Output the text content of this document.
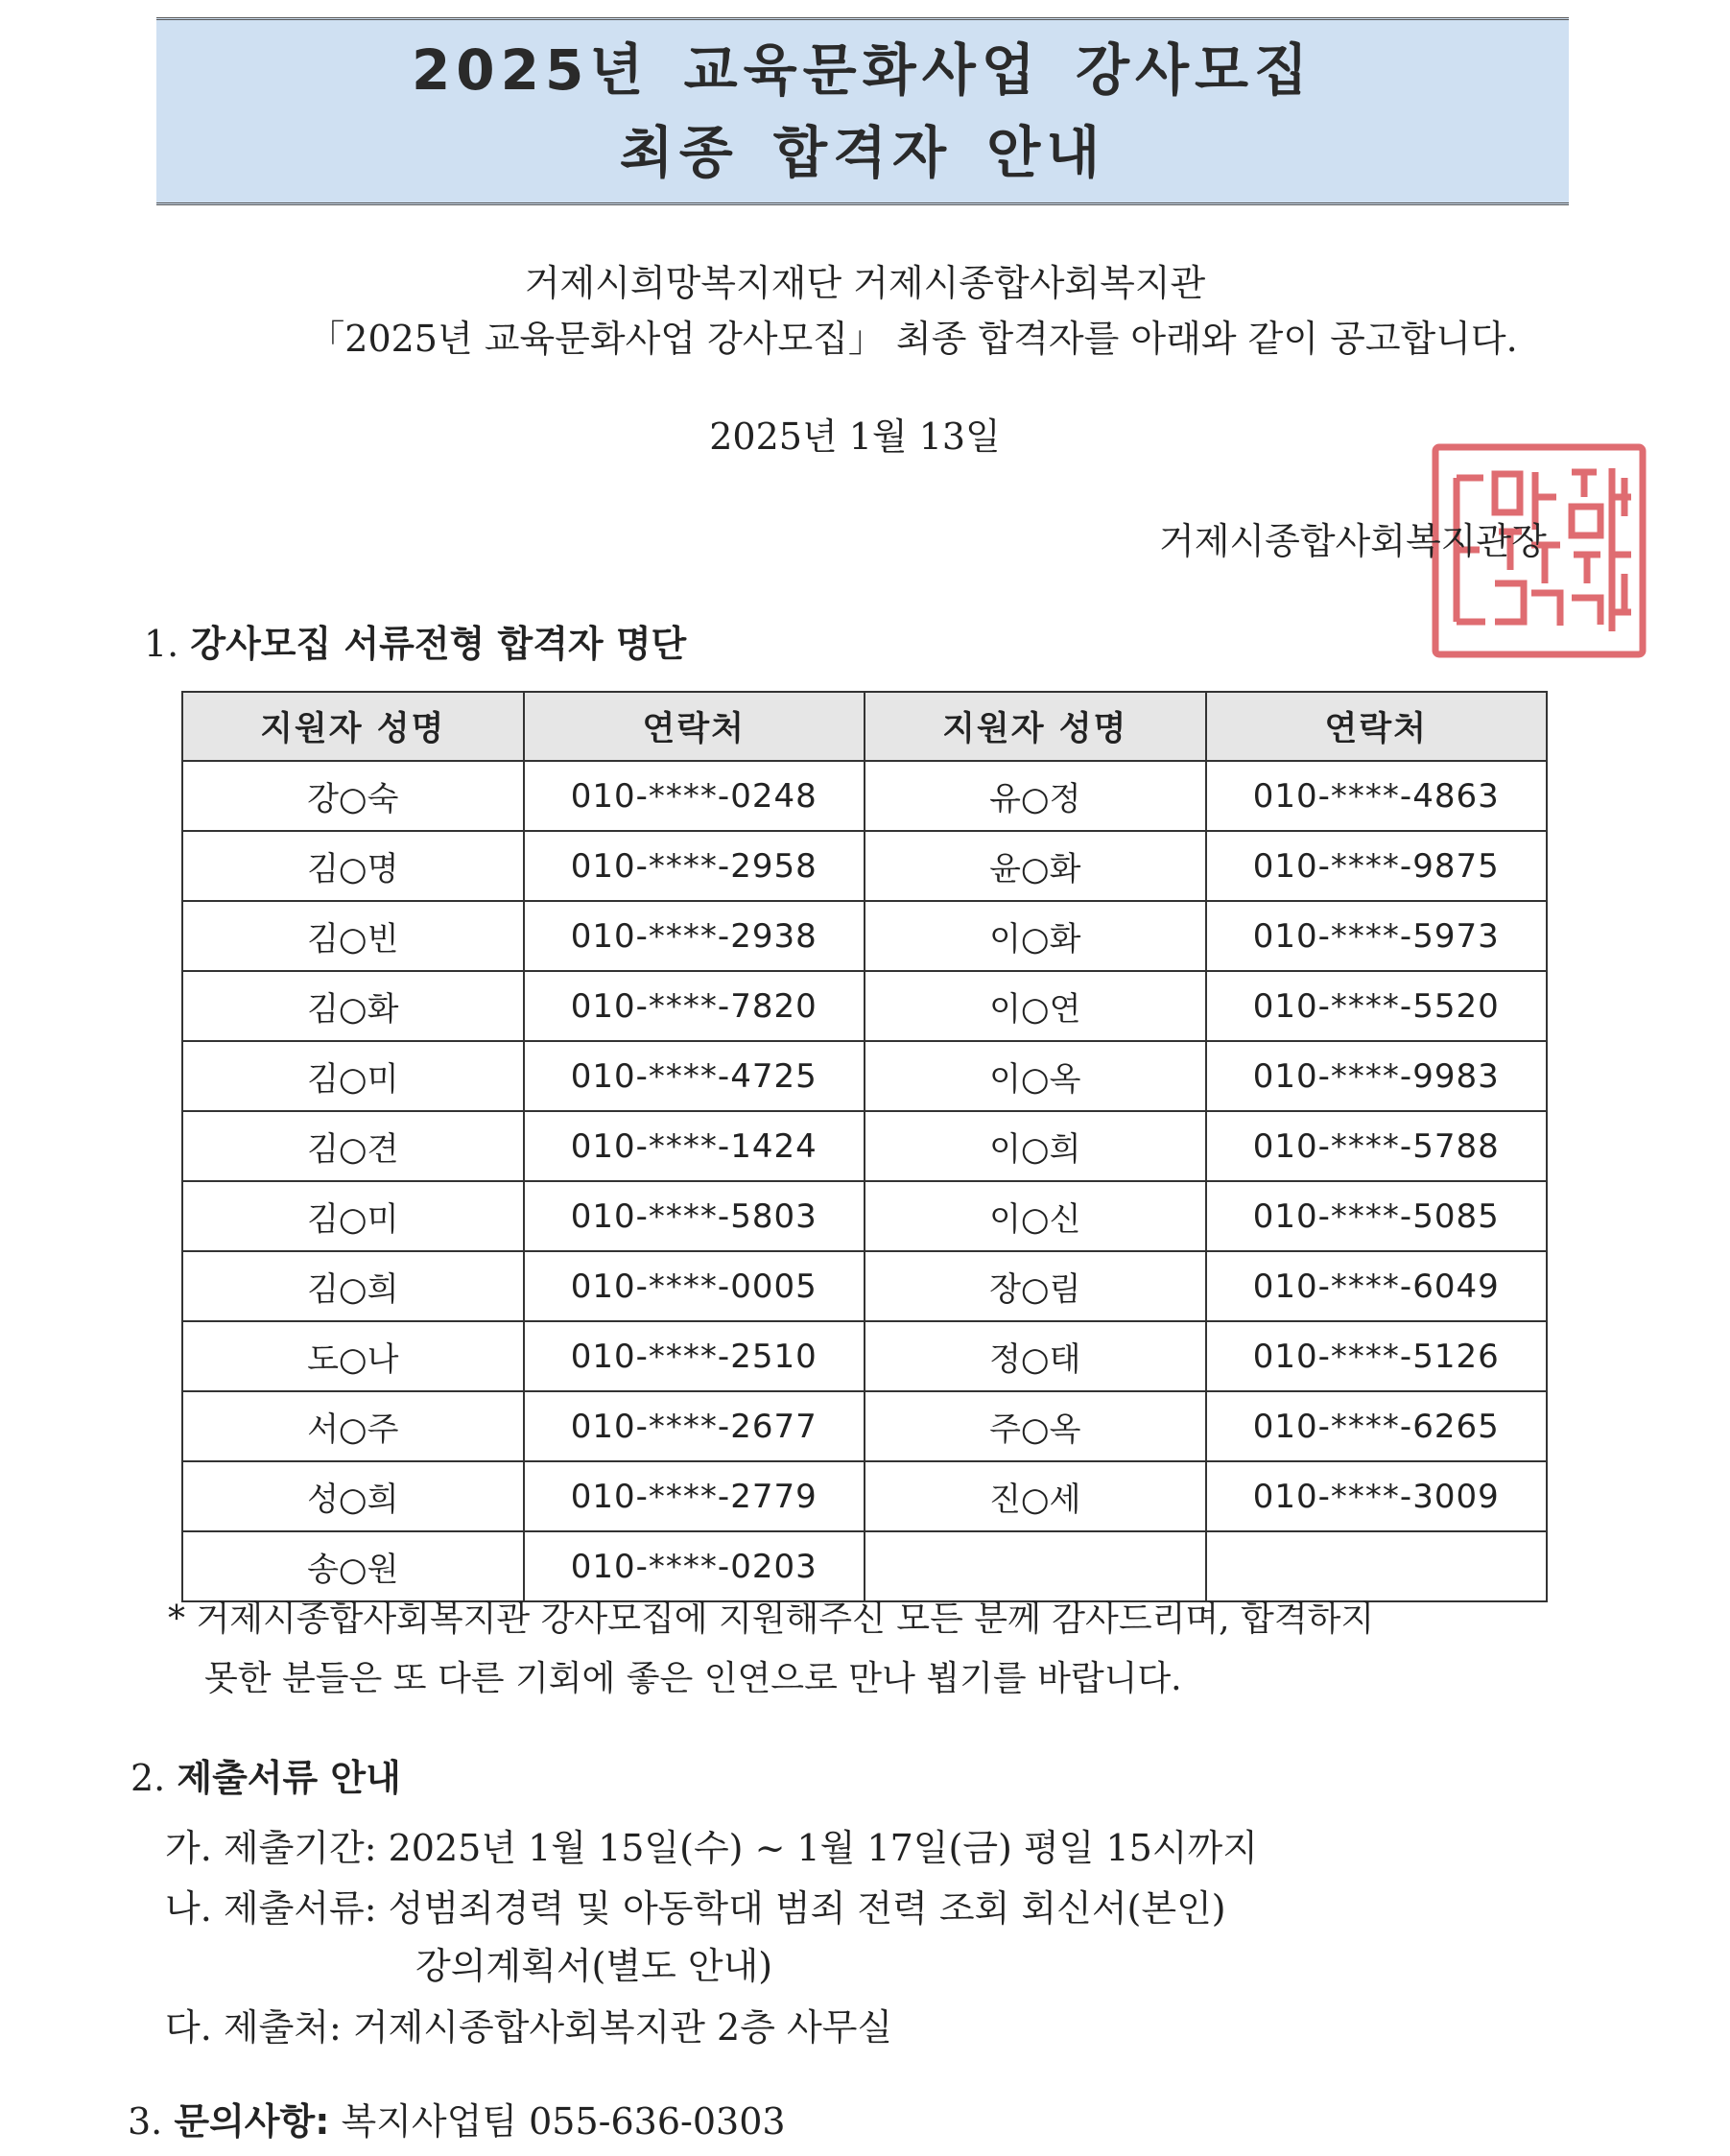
2025년 교육문화사업 강사모집
최종 합격자 안내
거제시희망복지재단 거제시종합사회복지관
「2025년 교육문화사업 강사모집」 최종 합격자를 아래와 같이 공고합니다.
2025년 1월 13일
거제시종합사회복지관장
1. 강사모집 서류전형 합격자 명단
지원자 성명	연락처	지원자 성명	연락처
강○숙	010-****-0248	유○정	010-****-4863
김○명	010-****-2958	윤○화	010-****-9875
김○빈	010-****-2938	이○화	010-****-5973
김○화	010-****-7820	이○연	010-****-5520
김○미	010-****-4725	이○옥	010-****-9983
김○견	010-****-1424	이○희	010-****-5788
김○미	010-****-5803	이○신	010-****-5085
김○희	010-****-0005	장○림	010-****-6049
도○나	010-****-2510	정○태	010-****-5126
서○주	010-****-2677	주○옥	010-****-6265
성○희	010-****-2779	진○세	010-****-3009
송○원	010-****-0203		
* 거제시종합사회복지관 강사모집에 지원해주신 모든 분께 감사드리며, 합격하지
못한 분들은 또 다른 기회에 좋은 인연으로 만나 뵙기를 바랍니다.
2. 제출서류 안내
가. 제출기간: 2025년 1월 15일(수) ~ 1월 17일(금) 평일 15시까지
나. 제출서류: 성범죄경력 및 아동학대 범죄 전력 조회 회신서(본인)
강의계획서(별도 안내)
다. 제출처: 거제시종합사회복지관 2층 사무실
3. 문의사항: 복지사업팀 055-636-0303
